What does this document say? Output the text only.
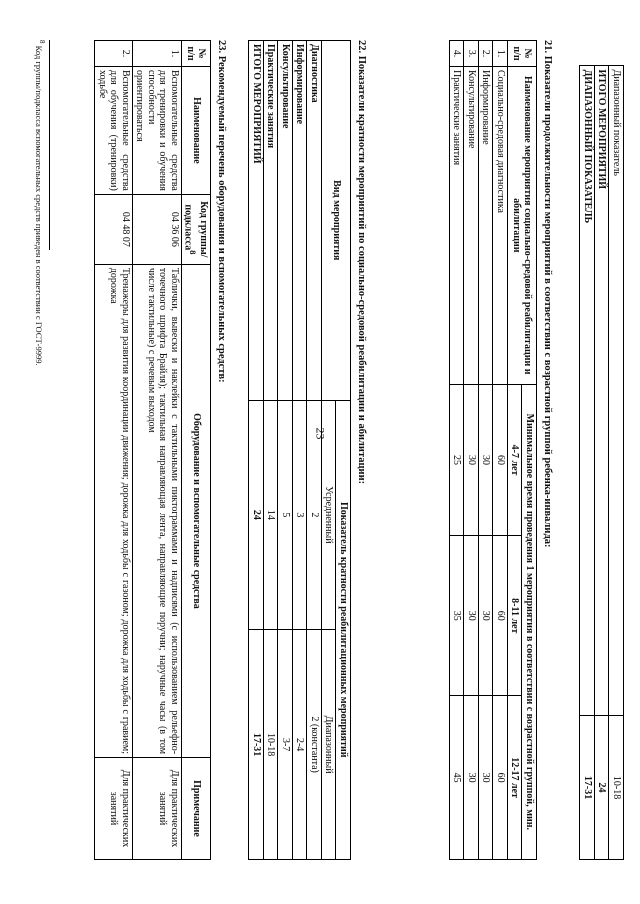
23
	Диапазонный показатель	10-18
	ИТОГО МЕРОПРИЯТИЙ	24
	ДИАПАЗОННЫЙ ПОКАЗАТЕЛЬ	17-31
21. Показатели продолжительности мероприятий в соответствии с возрастной группой ребенка-инвалида:
№ п/п	Наименование мероприятия социально-средовой реабилитации и абилитации	Минимальное время проведения 1 мероприятия в соответствии с возрастной группой, мин.		
		4-7 лет	8-11 лет	12-17 лет
1.	Социально-средовая диагностика	60	60	60
2.	Информирование	30	30	30
3.	Консультирование	30	30	30
4.	Практические занятия	25	35	45
22. Показатели кратности мероприятий по социально-средовой реабилитации и абилитации:
Вид мероприятия	Показатель кратности реабилитационных мероприятий	
	Усредненный	Диапазонный
Диагностика	2	2 (константа)
Информирование	3	2-4
Консультирование	5	3-7
Практические занятия	14	10-18
ИТОГО МЕРОПРИЯТИЙ	24	17-31
23. Рекомендуемый перечень оборудования и вспомогательных средств:
№ п/п	Наименование	Код группы/ подкласса$^8$	Оборудование и вспомогательные средства	Примечание
1.	Вспомогательные средства для тренировки и обучения способности ориентироваться	04 36 06	Таблички, вывески и наклейки с тактильными пиктограммами и надписями (с использованием рельефно-точечного шрифта Брайля); тактильная направляющая лента, направляющие поручни; наручные часы (в том числе тактильные) с речевым выходом	Для практических занятий
2.	Вспомогательные средства для обучения (тренировки) ходьбе	04 48 07	Тренажеры для развития координации движения; дорожка для ходьбы с газоном; дорожка для ходьбы с гравием; дорожка	Для практических занятий
$^8$ Код группы/подкласса вспомогательных средств приведен в соответствии с ГОСТ-9999.
